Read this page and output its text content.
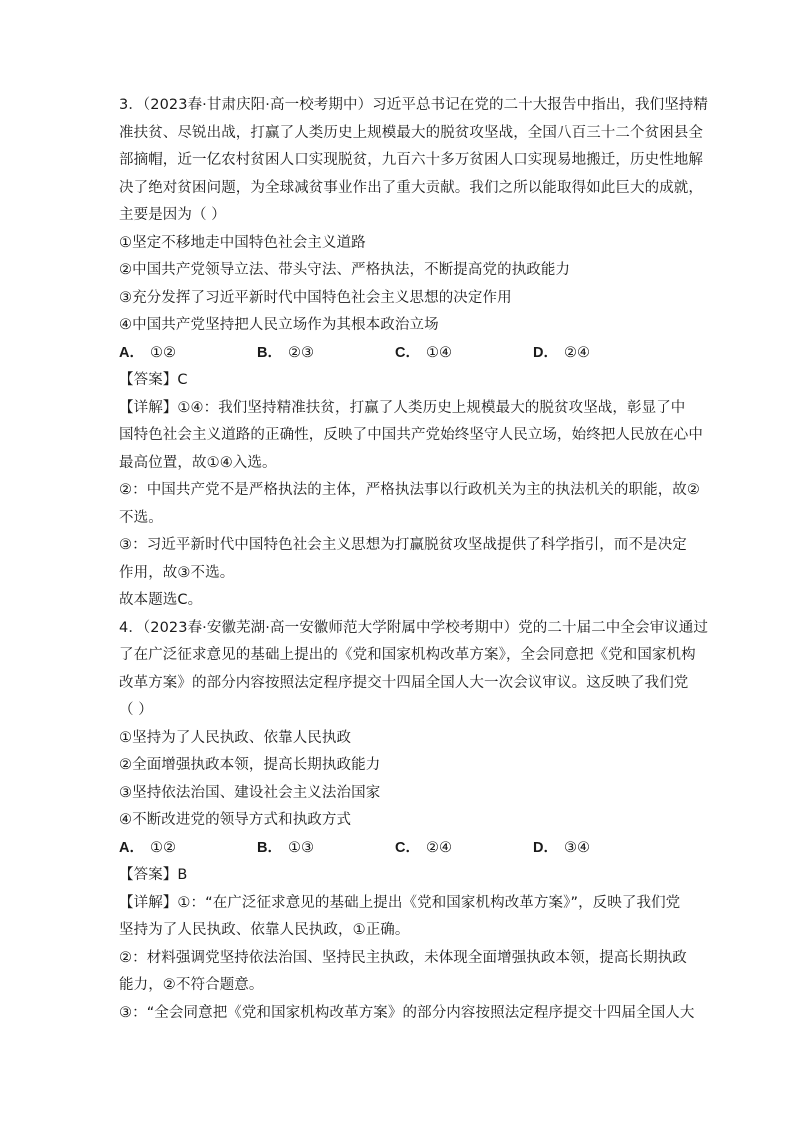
3．（2023春·甘肃庆阳·高一校考期中）习近平总书记在党的二十大报告中指出，我们坚持精
准扶贫、尽锐出战，打赢了人类历史上规模最大的脱贫攻坚战，全国八百三十二个贫困县全
部摘帽，近一亿农村贫困人口实现脱贫，九百六十多万贫困人口实现易地搬迁，历史性地解
决了绝对贫困问题，为全球减贫事业作出了重大贡献。我们之所以能取得如此巨大的成就，
主要是因为（ ）
①坚定不移地走中国特色社会主义道路
②中国共产党领导立法、带头守法、严格执法，不断提高党的执政能力
③充分发挥了习近平新时代中国特色社会主义思想的决定作用
④中国共产党坚持把人民立场作为其根本政治立场
A． ①②	B． ②③	C． ①④	D． ②④
【答案】C
【详解】①④：我们坚持精准扶贫，打赢了人类历史上规模最大的脱贫攻坚战，彰显了中
国特色社会主义道路的正确性，反映了中国共产党始终坚守人民立场，始终把人民放在心中
最高位置，故①④入选。
②：中国共产党不是严格执法的主体，严格执法事以行政机关为主的执法机关的职能，故②
不选。
③：习近平新时代中国特色社会主义思想为打赢脱贫攻坚战提供了科学指引，而不是决定
作用，故③不选。
故本题选C。
4．（2023春·安徽芜湖·高一安徽师范大学附属中学校考期中）党的二十届二中全会审议通过
了在广泛征求意见的基础上提出的《党和国家机构改革方案》，全会同意把《党和国家机构
改革方案》的部分内容按照法定程序提交十四届全国人大一次会议审议。这反映了我们党
（ ）
①坚持为了人民执政、依靠人民执政
②全面增强执政本领，提高长期执政能力
③坚持依法治国、建设社会主义法治国家
④不断改进党的领导方式和执政方式
A． ①②	B． ①③	C． ②④	D． ③④
【答案】B
【详解】①：“在广泛征求意见的基础上提出《党和国家机构改革方案》”，反映了我们党
坚持为了人民执政、依靠人民执政，①正确。
②：材料强调党坚持依法治国、坚持民主执政，未体现全面增强执政本领，提高长期执政
能力，②不符合题意。
③：“全会同意把《党和国家机构改革方案》的部分内容按照法定程序提交十四届全国人大
